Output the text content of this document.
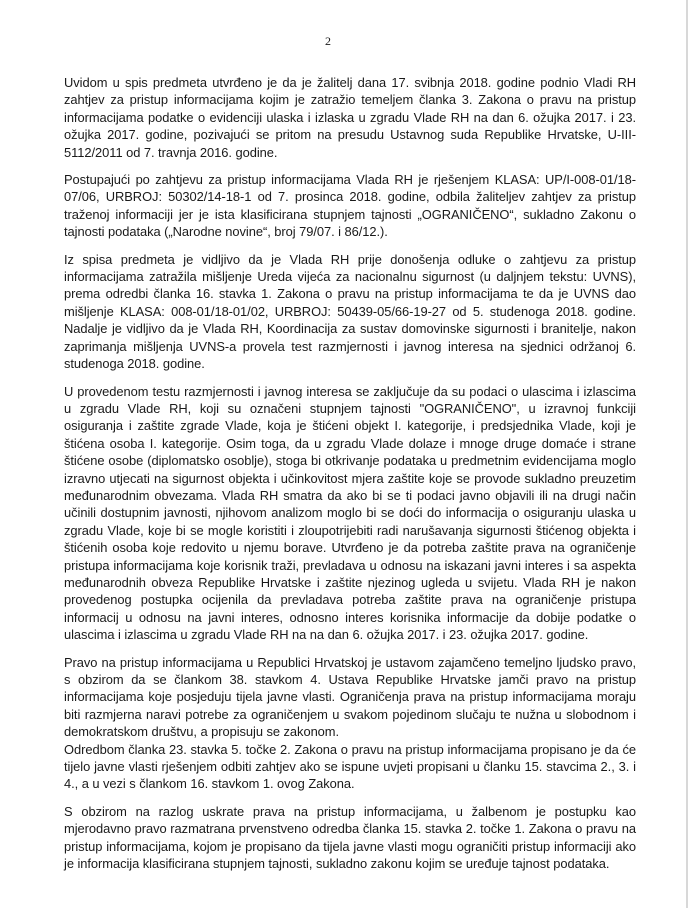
2

Uvidom u spis predmeta utvrđeno je da je žalitelj dana 17. svibnja 2018. godine podnio Vladi RH zahtjev za pristup informacijama kojim je zatražio temeljem članka 3. Zakona o pravu na pristup informacijama podatke o evidenciji ulaska i izlaska u zgradu Vlade RH na dan 6. ožujka 2017. i 23. ožujka 2017. godine, pozivajući se pritom na presudu Ustavnog suda Republike Hrvatske, U-III-5112/2011 od 7. travnja 2016. godine.

Postupajući po zahtjevu za pristup informacijama Vlada RH je rješenjem KLASA: UP/I-008-01/18-07/06, URBROJ: 50302/14-18-1 od 7. prosinca 2018. godine, odbila žaliteljev zahtjev za pristup traženoj informaciji jer je ista klasificirana stupnjem tajnosti „OGRANIČENO“, sukladno Zakonu o tajnosti podataka („Narodne novine“, broj 79/07. i 86/12.).

Iz spisa predmeta je vidljivo da je Vlada RH prije donošenja odluke o zahtjevu za pristup informacijama zatražila mišljenje Ureda vijeća za nacionalnu sigurnost (u daljnjem tekstu: UVNS), prema odredbi članka 16. stavka 1. Zakona o pravu na pristup informacijama te da je UVNS dao mišljenje KLASA: 008-01/18-01/02, URBROJ: 50439-05/66-19-27 od 5. studenoga 2018. godine. Nadalje je vidljivo da je Vlada RH, Koordinacija za sustav domovinske sigurnosti i branitelje, nakon zaprimanja mišljenja UVNS-a provela test razmjernosti i javnog interesa na sjednici održanoj 6. studenoga 2018. godine.

U provedenom testu razmjernosti i javnog interesa se zaključuje da su podaci o ulascima i izlascima u zgradu Vlade RH, koji su označeni stupnjem tajnosti "OGRANIČENO", u izravnoj funkciji osiguranja i zaštite zgrade Vlade, koja je štićeni objekt I. kategorije, i predsjednika Vlade, koji je štićena osoba I. kategorije. Osim toga, da u zgradu Vlade dolaze i mnoge druge domaće i strane štićene osobe (diplomatsko osoblje), stoga bi otkrivanje podataka u predmetnim evidencijama moglo izravno utjecati na sigurnost objekta i učinkovitost mjera zaštite koje se provode sukladno preuzetim međunarodnim obvezama. Vlada RH smatra da ako bi se ti podaci javno objavili ili na drugi način učinili dostupnim javnosti, njihovom analizom moglo bi se doći do informacija o osiguranju ulaska u zgradu Vlade, koje bi se mogle koristiti i zloupotrijebiti radi narušavanja sigurnosti štićenog objekta i štićenih osoba koje redovito u njemu borave. Utvrđeno je da potreba zaštite prava na ograničenje pristupa informacijama koje korisnik traži, prevladava u odnosu na iskazani javni interes i sa aspekta međunarodnih obveza Republike Hrvatske i zaštite njezinog ugleda u svijetu. Vlada RH je nakon provedenog postupka ocijenila da prevladava potreba zaštite prava na ograničenje pristupa informacij u odnosu na javni interes, odnosno interes korisnika informacije da dobije podatke o ulascima i izlascima u zgradu Vlade RH na na dan 6. ožujka 2017. i 23. ožujka 2017. godine.

Pravo na pristup informacijama u Republici Hrvatskoj je ustavom zajamčeno temeljno ljudsko pravo, s obzirom da se člankom 38. stavkom 4. Ustava Republike Hrvatske jamči pravo na pristup informacijama koje posjeduju tijela javne vlasti. Ograničenja prava na pristup informacijama moraju biti razmjerna naravi potrebe za ograničenjem u svakom pojedinom slučaju te nužna u slobodnom i demokratskom društvu, a propisuju se zakonom.

Odredbom članka 23. stavka 5. točke 2. Zakona o pravu na pristup informacijama propisano je da će tijelo javne vlasti rješenjem odbiti zahtjev ako se ispune uvjeti propisani u članku 15. stavcima 2., 3. i 4., a u vezi s člankom 16. stavkom 1. ovog Zakona.

S obzirom na razlog uskrate prava na pristup informacijama, u žalbenom je postupku kao mjerodavno pravo razmatrana prvenstveno odredba članka 15. stavka 2. točke 1. Zakona o pravu na pristup informacijama, kojom je propisano da tijela javne vlasti mogu ograničiti pristup informaciji ako je informacija klasificirana stupnjem tajnosti, sukladno zakonu kojim se uređuje tajnost podataka.
